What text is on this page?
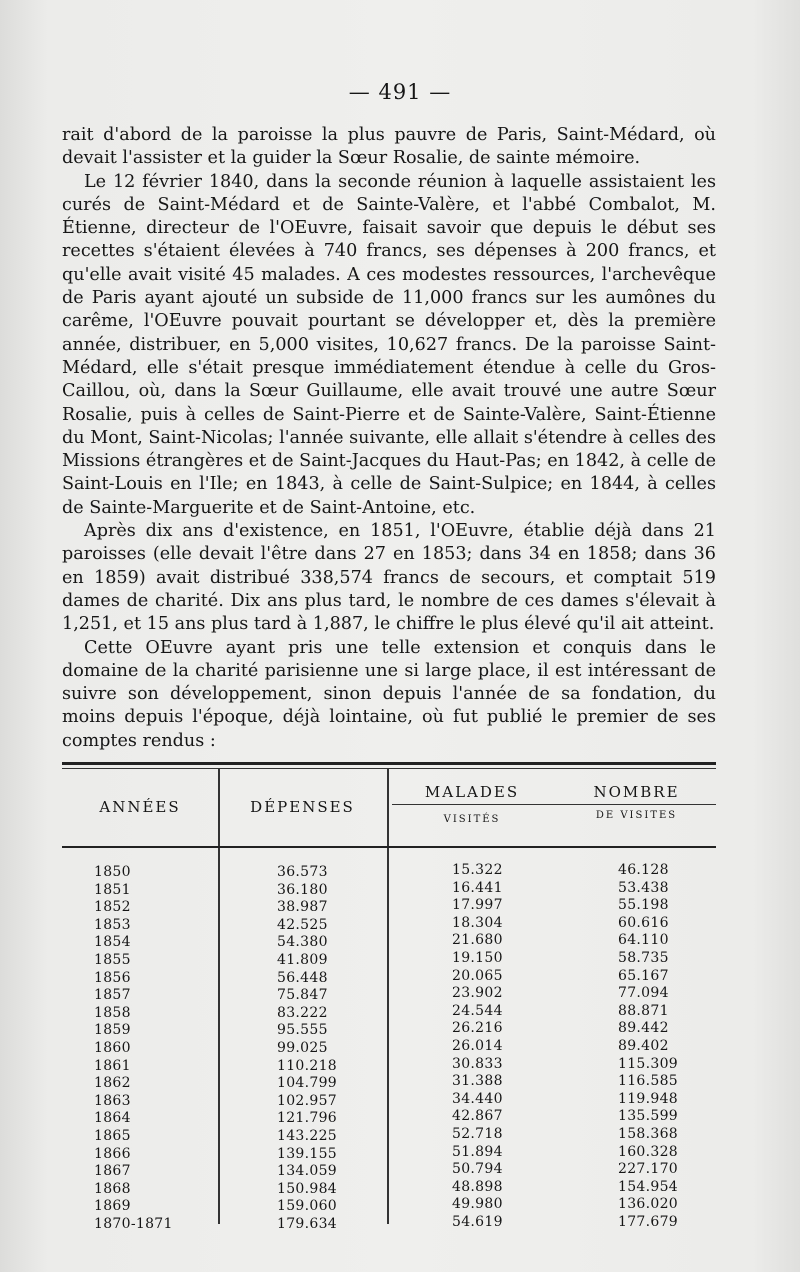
— 491 —

rait d'abord de la paroisse la plus pauvre de Paris, Saint-Médard, où devait l'assister et la guider la Sœur Rosalie, de sainte mémoire.

Le 12 février 1840, dans la seconde réunion à laquelle assistaient les curés de Saint-Médard et de Sainte-Valère, et l'abbé Combalot, M. Étienne, directeur de l'OEuvre, faisait savoir que depuis le début ses recettes s'étaient élevées à 740 francs, ses dépenses à 200 francs, et qu'elle avait visité 45 malades. A ces modestes ressources, l'archevêque de Paris ayant ajouté un subside de 11,000 francs sur les aumônes du carême, l'OEuvre pouvait pourtant se développer et, dès la première année, distribuer, en 5,000 visites, 10,627 francs. De la paroisse Saint-Médard, elle s'était presque immédiatement étendue à celle du Gros-Caillou, où, dans la Sœur Guillaume, elle avait trouvé une autre Sœur Rosalie, puis à celles de Saint-Pierre et de Sainte-Valère, Saint-Étienne du Mont, Saint-Nicolas; l'année suivante, elle allait s'étendre à celles des Missions étrangères et de Saint-Jacques du Haut-Pas; en 1842, à celle de Saint-Louis en l'Ile; en 1843, à celle de Saint-Sulpice; en 1844, à celles de Sainte-Marguerite et de Saint-Antoine, etc.

Après dix ans d'existence, en 1851, l'OEuvre, établie déjà dans 21 paroisses (elle devait l'être dans 27 en 1853; dans 34 en 1858; dans 36 en 1859) avait distribué 338,574 francs de secours, et comptait 519 dames de charité. Dix ans plus tard, le nombre de ces dames s'élevait à 1,251, et 15 ans plus tard à 1,887, le chiffre le plus élevé qu'il ait atteint.

Cette OEuvre ayant pris une telle extension et conquis dans le domaine de la charité parisienne une si large place, il est intéressant de suivre son développement, sinon depuis l'année de sa fondation, du moins depuis l'époque, déjà lointaine, où fut publié le premier de ses comptes rendus :

ANNÉES	DÉPENSES
MALADES
VISITÉS
NOMBRE
DE VISITES
1850
1851
1852
1853
1854
1855
1856
1857
1858
1859
1860
1861
1862
1863
1864
1865
1866
1867
1868
1869
1870-1871
36.573
36.180
38.987
42.525
54.380
41.809
56.448
75.847
83.222
95.555
99.025
110.218
104.799
102.957
121.796
143.225
139.155
134.059
150.984
159.060
179.634
15.322
16.441
17.997
18.304
21.680
19.150
20.065
23.902
24.544
26.216
26.014
30.833
31.388
34.440
42.867
52.718
51.894
50.794
48.898
49.980
54.619
46.128
53.438
55.198
60.616
64.110
58.735
65.167
77.094
88.871
89.442
89.402
115.309
116.585
119.948
135.599
158.368
160.328
227.170
154.954
136.020
177.679
